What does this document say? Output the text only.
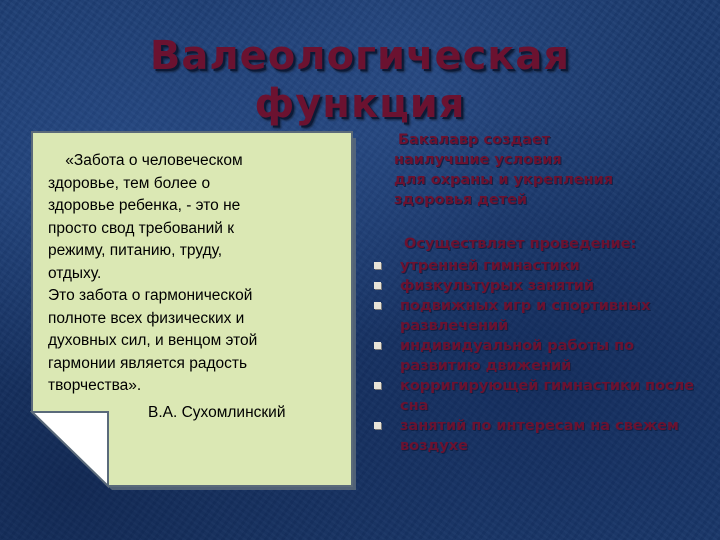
Валеологическая
функция

«Забота о человеческом
здоровье, тем более о
здоровье ребенка, - это не
просто свод требований к
режиму, питанию, труду,
отдыху.
Это забота о гармонической
полноте всех физических и
духовных сил, и венцом этой
гармонии является радость
творчества».

В.А. Сухомлинский
Бакалавр создает
наилучшие условия
для охраны и укрепления
здоровья детей
Осуществляет проведение:
утренней гимнастики
физкультурых занятий
подвижных игр и спортивных развлечений
индивидуальной работы по развитию движений
корригирующей гимнастики после сна
занятий по интересам на свежем воздухе
